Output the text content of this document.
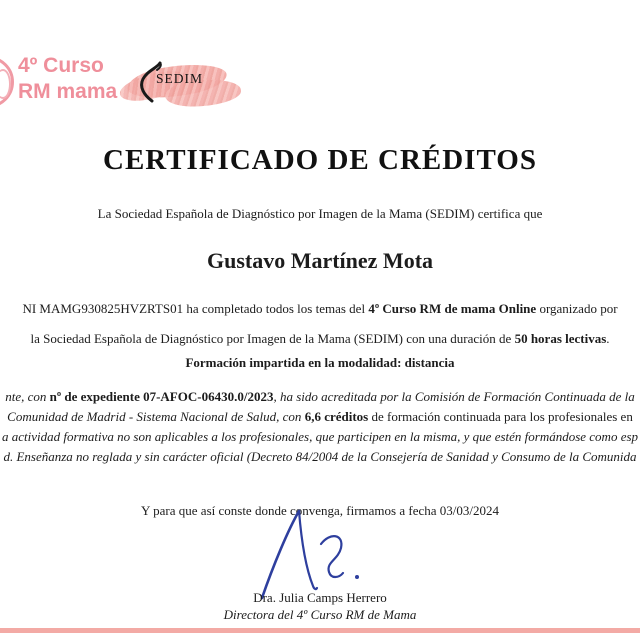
4º Curso
RM mama
SEDIM
CERTIFICADO DE CRÉDITOS
La Sociedad Española de Diagnóstico por Imagen de la Mama (SEDIM) certifica que
Gustavo Martínez Mota
NI MAMG930825HVZRTS01 ha completado todos los temas del 4º Curso RM de mama Online organizado por
la Sociedad Española de Diagnóstico por Imagen de la Mama (SEDIM) con una duración de 50 horas lectivas.
Formación impartida en la modalidad: distancia
nte, con nº de expediente 07-AFOC-06430.0/2023, ha sido acreditada por la Comisión de Formación Continuada de la
Comunidad de Madrid - Sistema Nacional de Salud, con 6,6 créditos de formación continuada para los profesionales en
a actividad formativa no son aplicables a los profesionales, que participen en la misma, y que estén formándose como esp
d. Enseñanza no reglada y sin carácter oficial (Decreto 84/2004 de la Consejería de Sanidad y Consumo de la Comunida
Y para que así conste donde convenga, firmamos a fecha 03/03/2024
Dra. Julia Camps Herrero
Directora del 4º Curso RM de Mama
